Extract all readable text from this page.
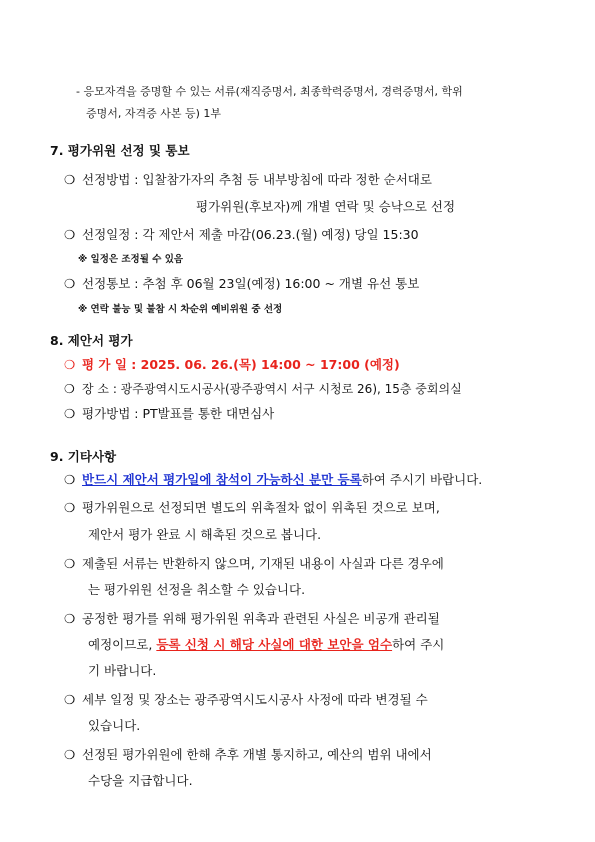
- 응모자격을 증명할 수 있는 서류(재직증명서, 최종학력증명서, 경력증명서, 학위
증명서, 자격증 사본 등) 1부
7. 평가위원 선정 및 통보
❍ 선정방법 : 입찰참가자의 추첨 등 내부방침에 따라 정한 순서대로
평가위원(후보자)께 개별 연락 및 승낙으로 선정
❍ 선정일정 : 각 제안서 제출 마감(06.23.(월) 예정) 당일 15:30
※ 일정은 조정될 수 있음
❍ 선정통보 : 추첨 후 06월 23일(예정) 16:00 ~ 개별 유선 통보
※ 연락 불능 및 불참 시 차순위 예비위원 중 선정
8. 제안서 평가
❍ 평 가 일 : 2025. 06. 26.(목) 14:00 ~ 17:00 (예정)
❍ 장 소 : 광주광역시도시공사(광주광역시 서구 시청로 26), 15층 중회의실
❍ 평가방법 : PT발표를 통한 대면심사
9. 기타사항
❍ 반드시 제안서 평가일에 참석이 가능하신 분만 등록하여 주시기 바랍니다.
❍ 평가위원으로 선정되면 별도의 위촉절차 없이 위촉된 것으로 보며,
제안서 평가 완료 시 해촉된 것으로 봅니다.
❍ 제출된 서류는 반환하지 않으며, 기재된 내용이 사실과 다른 경우에
는 평가위원 선정을 취소할 수 있습니다.
❍ 공정한 평가를 위해 평가위원 위촉과 관련된 사실은 비공개 관리될
예정이므로, 등록 신청 시 해당 사실에 대한 보안을 엄수하여 주시
기 바랍니다.
❍ 세부 일정 및 장소는 광주광역시도시공사 사정에 따라 변경될 수
있습니다.
❍ 선정된 평가위원에 한해 추후 개별 통지하고, 예산의 범위 내에서
수당을 지급합니다.
